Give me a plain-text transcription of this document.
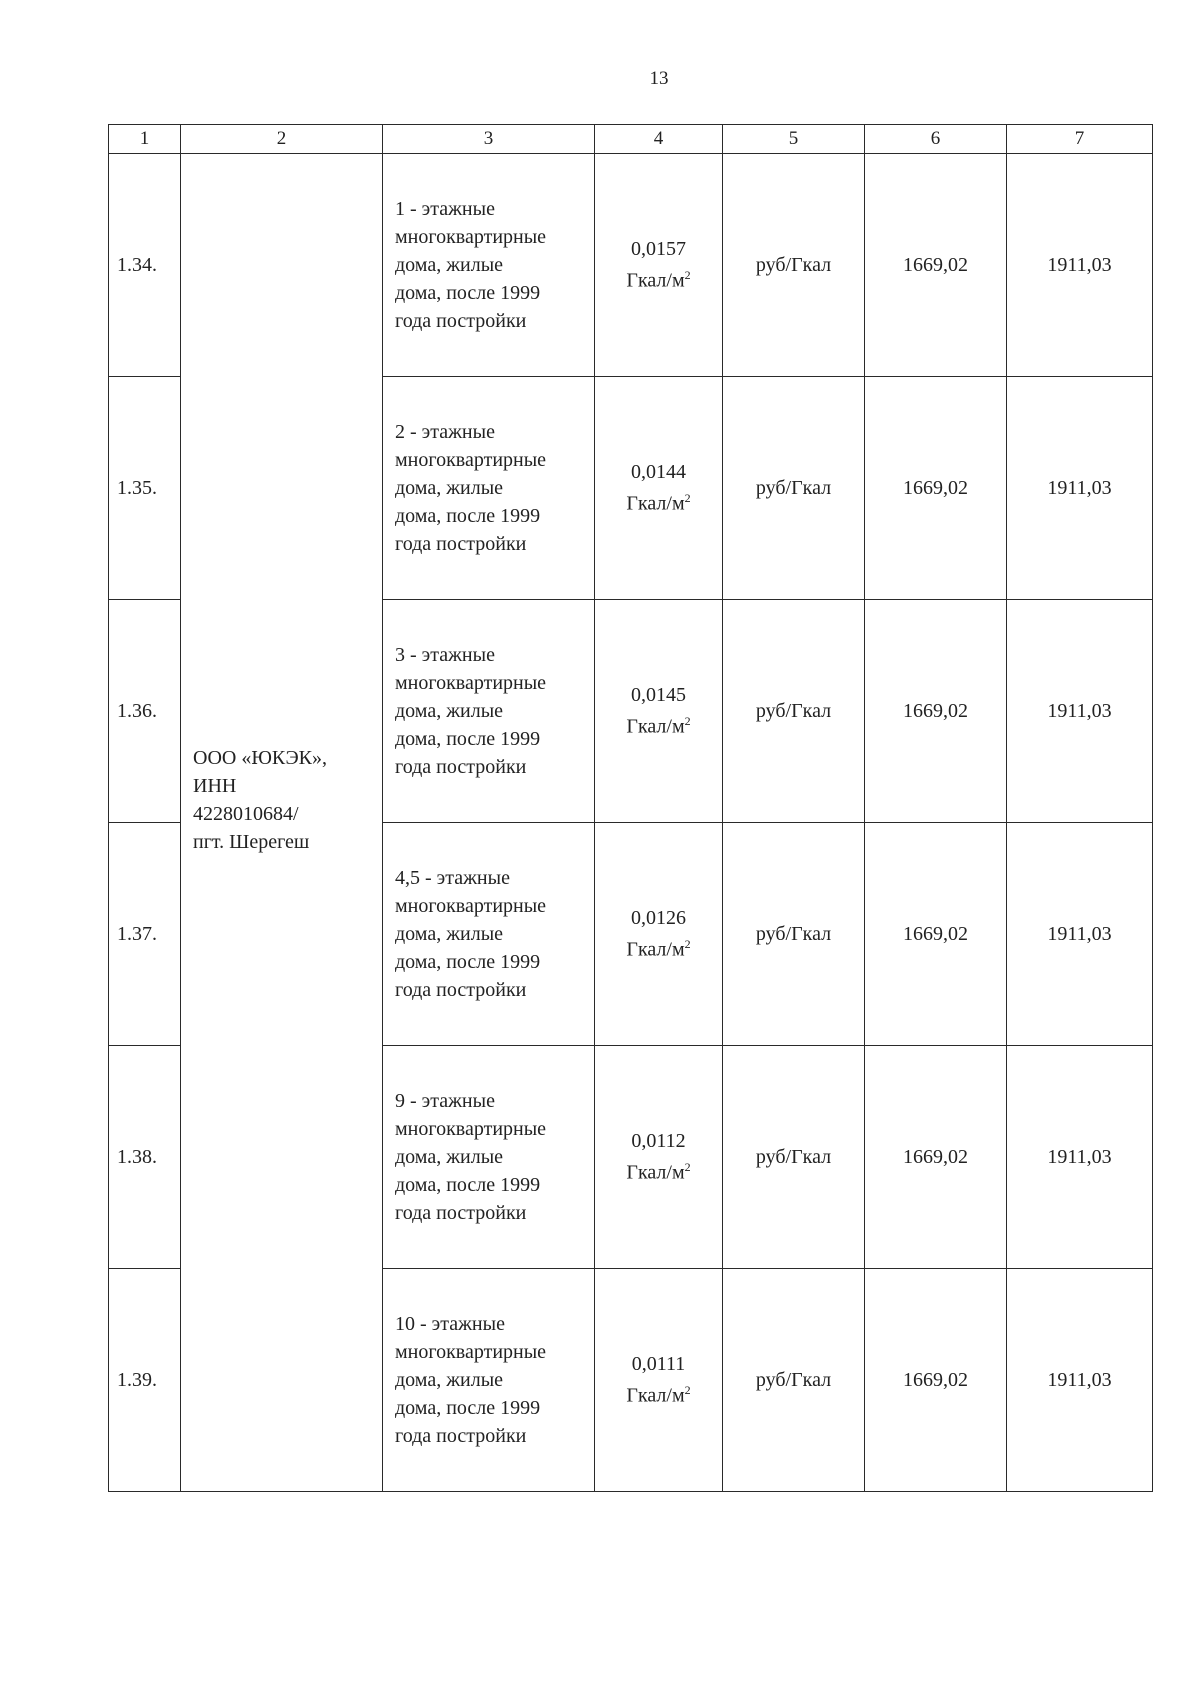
13
1	2	3	4	5	6	7
1.34.	ООО «ЮКЭК»,
ИНН
4228010684/
пгт. Шерегеш	1 - этажные
многоквартирные
дома, жилые
дома, после 1999
года постройки	0,0157
Гкал/$м^2$	руб/Гкал	1669,02	1911,03
1.35.		2 - этажные
многоквартирные
дома, жилые
дома, после 1999
года постройки	0,0144
Гкал/$м^2$	руб/Гкал	1669,02	1911,03
1.36.		3 - этажные
многоквартирные
дома, жилые
дома, после 1999
года постройки	0,0145
Гкал/$м^2$	руб/Гкал	1669,02	1911,03
1.37.		4,5 - этажные
многоквартирные
дома, жилые
дома, после 1999
года постройки	0,0126
Гкал/$м^2$	руб/Гкал	1669,02	1911,03
1.38.		9 - этажные
многоквартирные
дома, жилые
дома, после 1999
года постройки	0,0112
Гкал/$м^2$	руб/Гкал	1669,02	1911,03
1.39.		10 - этажные
многоквартирные
дома, жилые
дома, после 1999
года постройки	0,0111
Гкал/$м^2$	руб/Гкал	1669,02	1911,03
